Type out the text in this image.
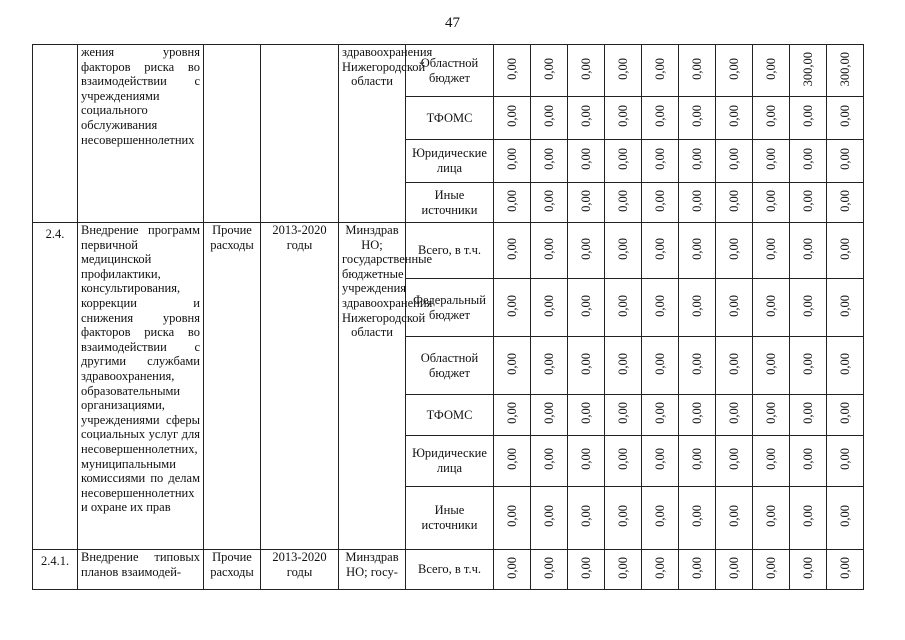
47
	жения уровня факторов риска во взаимодействии с учреждениями социального обслуживания несовершеннолетних			здравоохранения Нижегородской области	Областной бюджет	0,00	0,00	0,00	0,00	0,00	0,00	0,00	0,00	300,00	300,00
					ТФОМС	0,00	0,00	0,00	0,00	0,00	0,00	0,00	0,00	0,00	0,00
					Юридические лица	0,00	0,00	0,00	0,00	0,00	0,00	0,00	0,00	0,00	0,00
					Иные источники	0,00	0,00	0,00	0,00	0,00	0,00	0,00	0,00	0,00	0,00
2.4.	Внедрение программ первичной медицинской профилактики, консультирования, коррекции и снижения уровня факторов риска во взаимодействии с другими службами здравоохранения, образовательными организациями, учреждениями сферы социальных услуг для несовершеннолетних, муниципальными комиссиями по делам несовершеннолетних и охране их прав	Прочие расходы	2013-2020 годы	Минздрав НО; государственные бюджетные учреждения здравоохранения Нижегородской области	Всего, в т.ч.	0,00	0,00	0,00	0,00	0,00	0,00	0,00	0,00	0,00	0,00
					Федеральный бюджет	0,00	0,00	0,00	0,00	0,00	0,00	0,00	0,00	0,00	0,00
					Областной бюджет	0,00	0,00	0,00	0,00	0,00	0,00	0,00	0,00	0,00	0,00
					ТФОМС	0,00	0,00	0,00	0,00	0,00	0,00	0,00	0,00	0,00	0,00
					Юридические лица	0,00	0,00	0,00	0,00	0,00	0,00	0,00	0,00	0,00	0,00
					Иные источники	0,00	0,00	0,00	0,00	0,00	0,00	0,00	0,00	0,00	0,00
2.4.1.	Внедрение типовых планов взаимодей-	Прочие расходы	2013-2020 годы	Минздрав НО; госу-	Всего, в т.ч.	0,00	0,00	0,00	0,00	0,00	0,00	0,00	0,00	0,00	0,00
